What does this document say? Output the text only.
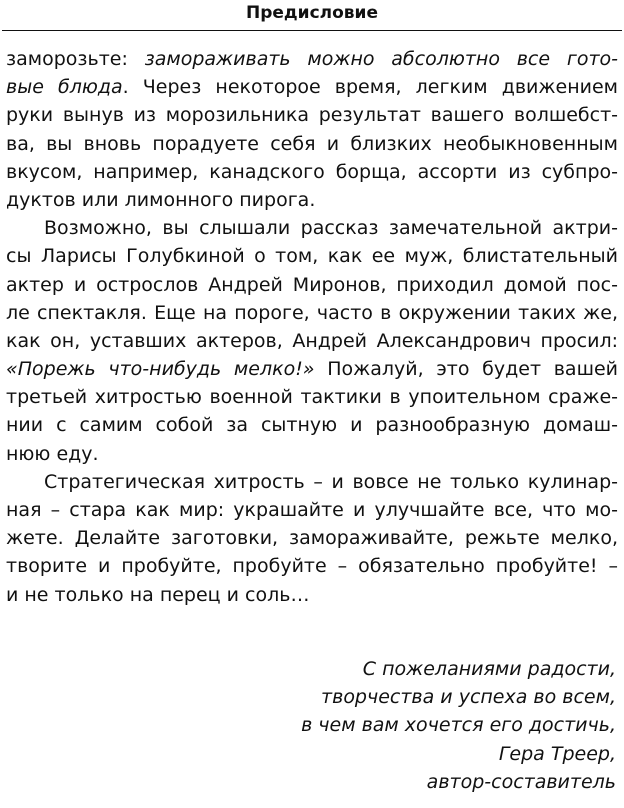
Предисловие
заморозьте: замораживать можно абсолютно все гото-
вые блюда. Через некоторое время, легким движением
руки вынув из морозильника результат вашего волшебст-
ва, вы вновь порадуете себя и близких необыкновенным
вкусом, например, канадского борща, ассорти из субпро-
дуктов или лимонного пирога.
Возможно, вы слышали рассказ замечательной актри-
сы Ларисы Голубкиной о том, как ее муж, блистательный
актер и острослов Андрей Миронов, приходил домой пос-
ле спектакля. Еще на пороге, часто в окружении таких же,
как он, уставших актеров, Андрей Александрович просил:
«Порежь что-нибудь мелко!» Пожалуй, это будет вашей
третьей хитростью военной тактики в упоительном сраже-
нии с самим собой за сытную и разнообразную домаш-
нюю еду.
Стратегическая хитрость – и вовсе не только кулинар-
ная – стара как мир: украшайте и улучшайте все, что мо-
жете. Делайте заготовки, замораживайте, режьте мелко,
творите и пробуйте, пробуйте – обязательно пробуйте! –
и не только на перец и соль…
С пожеланиями радости,
творчества и успеха во всем,
в чем вам хочется его достичь,
Гера Треер,
автор-составитель
